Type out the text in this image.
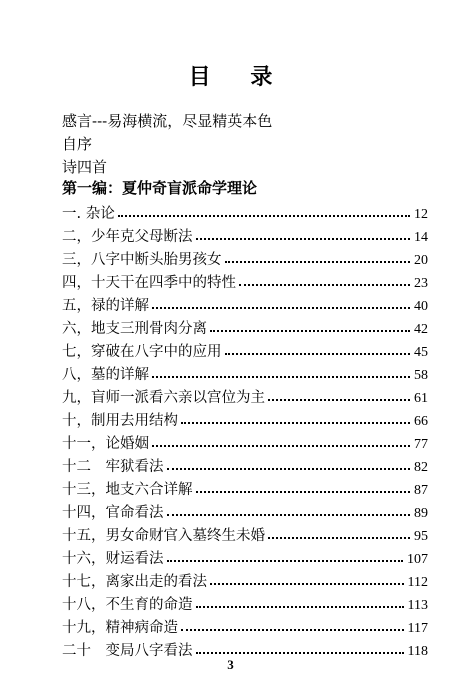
目 录
感言---易海横流，尽显精英本色
自序
诗四首
第一编：夏仲奇盲派命学理论
一. 杂论	12
二，少年克父母断法	14
三，八字中断头胎男孩女	20
四，十天干在四季中的特性	23
五，禄的详解	40
六，地支三刑骨肉分离	42
七，穿破在八字中的应用	45
八，墓的详解	58
九，盲师一派看六亲以宫位为主	61
十，制用去用结构	66
十一，论婚姻	77
十二　牢狱看法	82
十三，地支六合详解	87
十四，官命看法	89
十五，男女命财官入墓终生未婚	95
十六，财运看法	107
十七，离家出走的看法	112
十八，不生育的命造	113
十九，精神病命造	117
二十　变局八字看法	118
3
